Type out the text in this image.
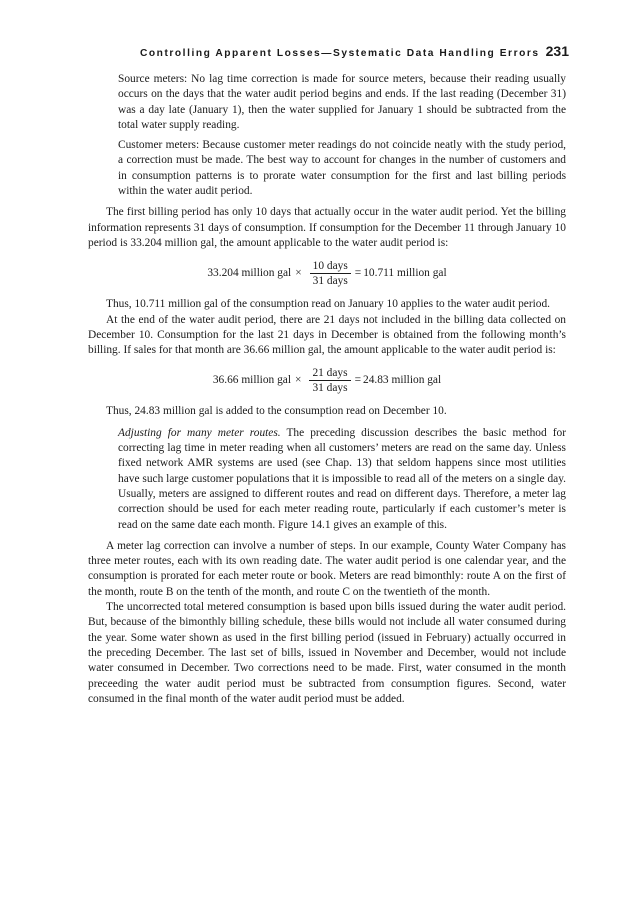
Controlling Apparent Losses—Systematic Data Handling Errors 231

Source meters: No lag time correction is made for source meters, because their reading usually occurs on the days that the water audit period begins and ends. If the last reading (December 31) was a day late (January 1), then the water supplied for January 1 should be subtracted from the total water supply reading.

Customer meters: Because customer meter readings do not coincide neatly with the study period, a correction must be made. The best way to account for changes in the number of customers and in consumption patterns is to prorate water consumption for the first and last billing periods within the water audit period.

The first billing period has only 10 days that actually occur in the water audit period. Yet the billing information represents 31 days of consumption. If consumption for the December 11 through January 10 period is 33.204 million gal, the amount applicable to the water audit period is:

33.204 million gal × $\frac{\text{10 days}}{\text{31 days}} = 10.711$ million gal

Thus, 10.711 million gal of the consumption read on January 10 applies to the water audit period.

At the end of the water audit period, there are 21 days not included in the billing data collected on December 10. Consumption for the last 21 days in December is obtained from the following month’s billing. If sales for that month are 36.66 million gal, the amount applicable to the water audit period is:

36.66 million gal × $\frac{\text{21 days}}{\text{31 days}} = 24.83$ million gal

Thus, 24.83 million gal is added to the consumption read on December 10.

Adjusting for many meter routes. The preceding discussion describes the basic method for correcting lag time in meter reading when all customers’ meters are read on the same day. Unless fixed network AMR systems are used (see Chap. 13) that seldom happens since most utilities have such large customer populations that it is impossible to read all of the meters on a single day. Usually, meters are assigned to different routes and read on different days. Therefore, a meter lag correction should be used for each meter reading route, particularly if each customer’s meter is read on the same date each month. Figure 14.1 gives an example of this.

A meter lag correction can involve a number of steps. In our example, County Water Company has three meter routes, each with its own reading date. The water audit period is one calendar year, and the consumption is prorated for each meter route or book. Meters are read bimonthly: route A on the first of the month, route B on the tenth of the month, and route C on the twentieth of the month.

The uncorrected total metered consumption is based upon bills issued during the water audit period. But, because of the bimonthly billing schedule, these bills would not include all water consumed during the year. Some water shown as used in the first billing period (issued in February) actually occurred in the preceding December. The last set of bills, issued in November and December, would not include water consumed in December. Two corrections need to be made. First, water consumed in the month preceeding the water audit period must be subtracted from consumption figures. Second, water consumed in the final month of the water audit period must be added.
